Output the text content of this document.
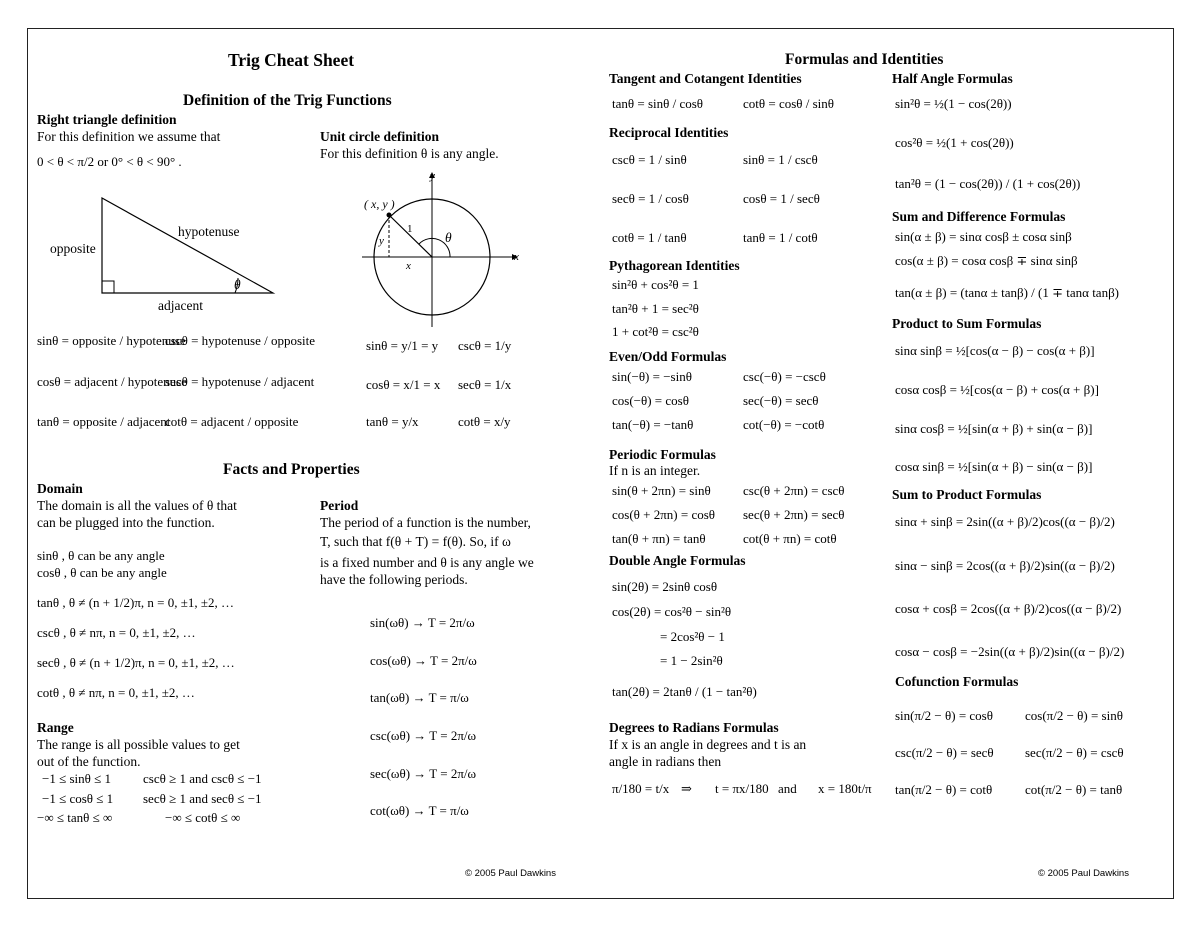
Trig Cheat Sheet
Definition of the Trig Functions
Right triangle definition
For this definition we assume that
0 < θ < π/2 or 0° < θ < 90° .
hypotenuse
opposite
adjacent
θ
sinθ = opposite / hypotenuse
cscθ = hypotenuse / opposite
cosθ = adjacent / hypotenuse
secθ = hypotenuse / adjacent
tanθ = opposite / adjacent
cotθ = adjacent / opposite
Unit circle definition
For this definition θ is any angle.
( x, y )
y
x
1
y
x
θ
sinθ = y/1 = y cscθ = 1/y
cosθ = x/1 = x secθ = 1/x
tanθ = y/x	cotθ = x/y
Facts and Properties
Domain
The domain is all the values of θ that
can be plugged into the function.
sinθ , θ can be any angle
cosθ , θ can be any angle
tanθ , θ ≠ (n + 1/2)π, n = 0, ±1, ±2, …
cscθ , θ ≠ nπ, n = 0, ±1, ±2, …
secθ , θ ≠ (n + 1/2)π, n = 0, ±1, ±2, …
cotθ , θ ≠ nπ, n = 0, ±1, ±2, …
Range
The range is all possible values to get
out of the function.
−1 ≤ sinθ ≤ 1 cscθ ≥ 1 and cscθ ≤ −1
−1 ≤ cosθ ≤ 1 secθ ≥ 1 and secθ ≤ −1
−∞ ≤ tanθ ≤ ∞	−∞ ≤ cotθ ≤ ∞
Period
The period of a function is the number,
T, such that f(θ + T) = f(θ). So, if ω
is a fixed number and θ is any angle we
have the following periods.
sin(ωθ) → T = 2π/ω
cos(ωθ) → T = 2π/ω
tan(ωθ) → T = π/ω
csc(ωθ) → T = 2π/ω
sec(ωθ) → T = 2π/ω
cot(ωθ) → T = π/ω
© 2005 Paul Dawkins
Formulas and Identities
Tangent and Cotangent Identities
tanθ = sinθ / cosθ	cotθ = cosθ / sinθ
Reciprocal Identities
cscθ = 1 / sinθ	sinθ = 1 / cscθ
secθ = 1 / cosθ	cosθ = 1 / secθ
cotθ = 1 / tanθ	tanθ = 1 / cotθ
Pythagorean Identities
sin²θ + cos²θ = 1
tan²θ + 1 = sec²θ
1 + cot²θ = csc²θ
Even/Odd Formulas
sin(−θ) = −sinθ	csc(−θ) = −cscθ
cos(−θ) = cosθ	sec(−θ) = secθ
tan(−θ) = −tanθ	cot(−θ) = −cotθ
Periodic Formulas
If n is an integer.
sin(θ + 2πn) = sinθ csc(θ + 2πn) = cscθ
cos(θ + 2πn) = cosθ sec(θ + 2πn) = secθ
tan(θ + πn) = tanθ	cot(θ + πn) = cotθ
Double Angle Formulas
sin(2θ) = 2sinθ cosθ
cos(2θ) = cos²θ − sin²θ
= 2cos²θ − 1
= 1 − 2sin²θ
tan(2θ) = 2tanθ / (1 − tan²θ)
Degrees to Radians Formulas
If x is an angle in degrees and t is an
angle in radians then
π/180 = t/x ⇒ t = πx/180 and x = 180t/π
Half Angle Formulas
sin²θ = ½(1 − cos(2θ))
cos²θ = ½(1 + cos(2θ))
tan²θ = (1 − cos(2θ)) / (1 + cos(2θ))
Sum and Difference Formulas
sin(α ± β) = sinα cosβ ± cosα sinβ
cos(α ± β) = cosα cosβ ∓ sinα sinβ
tan(α ± β) = (tanα ± tanβ) / (1 ∓ tanα tanβ)
Product to Sum Formulas
sinα sinβ = ½[cos(α − β) − cos(α + β)]
cosα cosβ = ½[cos(α − β) + cos(α + β)]
sinα cosβ = ½[sin(α + β) + sin(α − β)]
cosα sinβ = ½[sin(α + β) − sin(α − β)]
Sum to Product Formulas
sinα + sinβ = 2sin((α + β)/2)cos((α − β)/2)
sinα − sinβ = 2cos((α + β)/2)sin((α − β)/2)
cosα + cosβ = 2cos((α + β)/2)cos((α − β)/2)
cosα − cosβ = −2sin((α + β)/2)sin((α − β)/2)
Cofunction Formulas
sin(π/2 − θ) = cosθ cos(π/2 − θ) = sinθ
csc(π/2 − θ) = secθ sec(π/2 − θ) = cscθ
tan(π/2 − θ) = cotθ	cot(π/2 − θ) = tanθ
© 2005 Paul Dawkins
